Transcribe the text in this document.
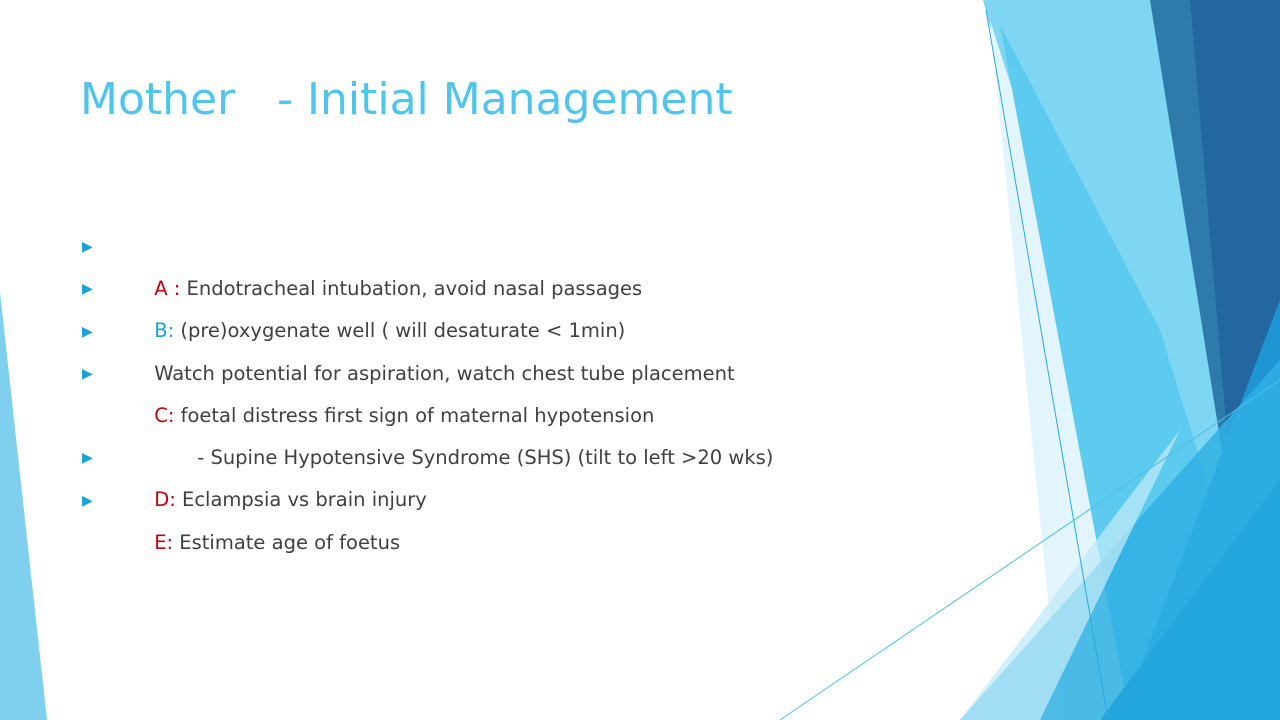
Mother   - Initial Management

▶
A : Endotracheal intubation, avoid nasal passages

▶
B: (pre)oxygenate well ( will desaturate < 1min)

▶
Watch potential for aspiration, watch chest tube placement

▶
C: foetal distress first sign of maternal hypotension

- Supine Hypotensive Syndrome (SHS) (tilt to left >20 wks)

▶
D: Eclampsia vs brain injury

▶
E: Estimate age of foetus
